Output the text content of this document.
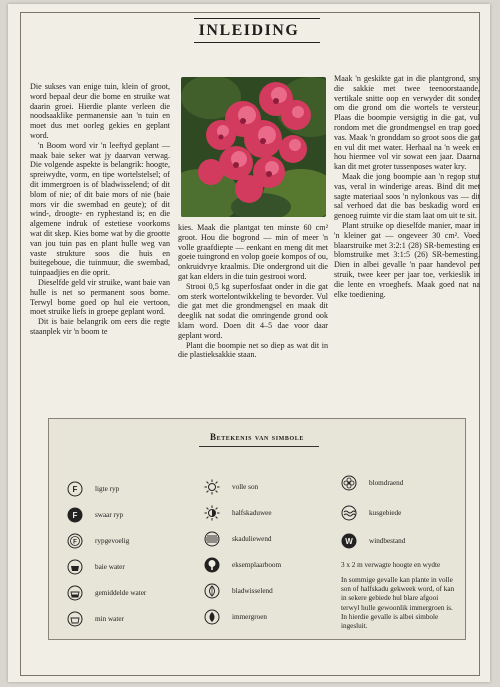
INLEIDING

Die sukses van enige tuin, klein of groot, word bepaal deur die bome en struike wat daarin groei. Hierdie plante verleen die noodsaaklike permanensie aan 'n tuin en moet dus met oorleg gekies en geplant word.

'n Boom word vir 'n leeftyd geplant — maak baie seker wat jy daarvan verwag. Die volgende aspekte is belangrik: hoogte, spreiwydte, vorm, en tipe wortelstelsel; of dit immergroen is of bladwisselend; of dit blom of nie; of dit baie mors of nie (baie mors vir die swembad en geute); of dit wind-, droogte- en ryphestand is; en die algemene indruk of estetiese voorkoms wat dit skep. Kies bome wat by die grootte van jou tuin pas en plant hulle weg van vaste strukture soos die huis en buitegeboue, die tuinmuur, die swembad, tuinpaadjies en die oprit.

Dieselfde geld vir struike, want baie van hulle is net so permanent soos bome. Terwyl bome goed op hul eie vertoon, moet struike liefs in groepe geplant word.

Dit is baie belangrik om eers die regte staanplek vir 'n boom te

kies. Maak die plantgat ten minste 60 cm² groot. Hou die bogrond — min of meer 'n volle graafdiepte — eenkant en meng dit met goeie tuingrond en volop goeie kompos of ou, onkruidvrye kraalmis. Die ondergrond uit die gat kan elders in die tuin gestrooi word.

Strooi 0,5 kg superfosfaat onder in die gat om sterk wortelontwikkeling te bevorder. Vul die gat met die grondmengsel en maak dit deeglik nat sodat die omringende grond ook klam word. Doen dit 4–5 dae voor daar geplant word.

Plant die boompie net so diep as wat dit in die plastieksakkie staan.

Maak 'n geskikte gat in die plantgrond, sny die sakkie met twee teenoorstaande, vertikale snitte oop en verwyder dit sonder om die grond om die wortels te versteur. Plaas die boompie versigtig in die gat, vul rondom met die grondmengsel en trap goed vas. Maak 'n gronddam so groot soos die gat en vul dit met water. Herhaal na 'n week en hou hiermee vol vir sowat een jaar. Daarna kan dit met groter tussenposes water kry.

Maak die jong boompie aan 'n regop stut vas, veral in winderige areas. Bind dit met sagte materiaal soos 'n nylonkous vas — dit sal verhoed dat die bas beskadig word en genoeg ruimte vir die stam laat om uit te sit.

Plant struike op dieselfde manier, maar in 'n kleiner gat — ongeveer 30 cm². Voed blaarstruike met 3:2:1 (28) SR-bemesting en blomstruike met 3:1:5 (26) SR-bemesting. Dien in albei gevalle 'n paar handevol per struik, twee keer per jaar toe, verkieslik in die lente en vroeghefs. Maak goed nat na elke toediening.

Betekenis van simbole
F ligte ryp
F swaar ryp
F	rypgevoelig
baie water
gemiddelde water
min water
volle son
halfskaduwee
skaduliewend
eksemplaarboom
bladwisselend
immergroen
blomdraend
kusgebiede
W windbestand
3 x 2 m verwagte hoogte en wydte
In sommige gevalle kan plante in volle son of halfskadu gekweek word, of kan in sekere gebiede hul blare afgooi terwyl hulle gewoonlik immergroen is. In hierdie gevalle is albei simbole ingesluit.
